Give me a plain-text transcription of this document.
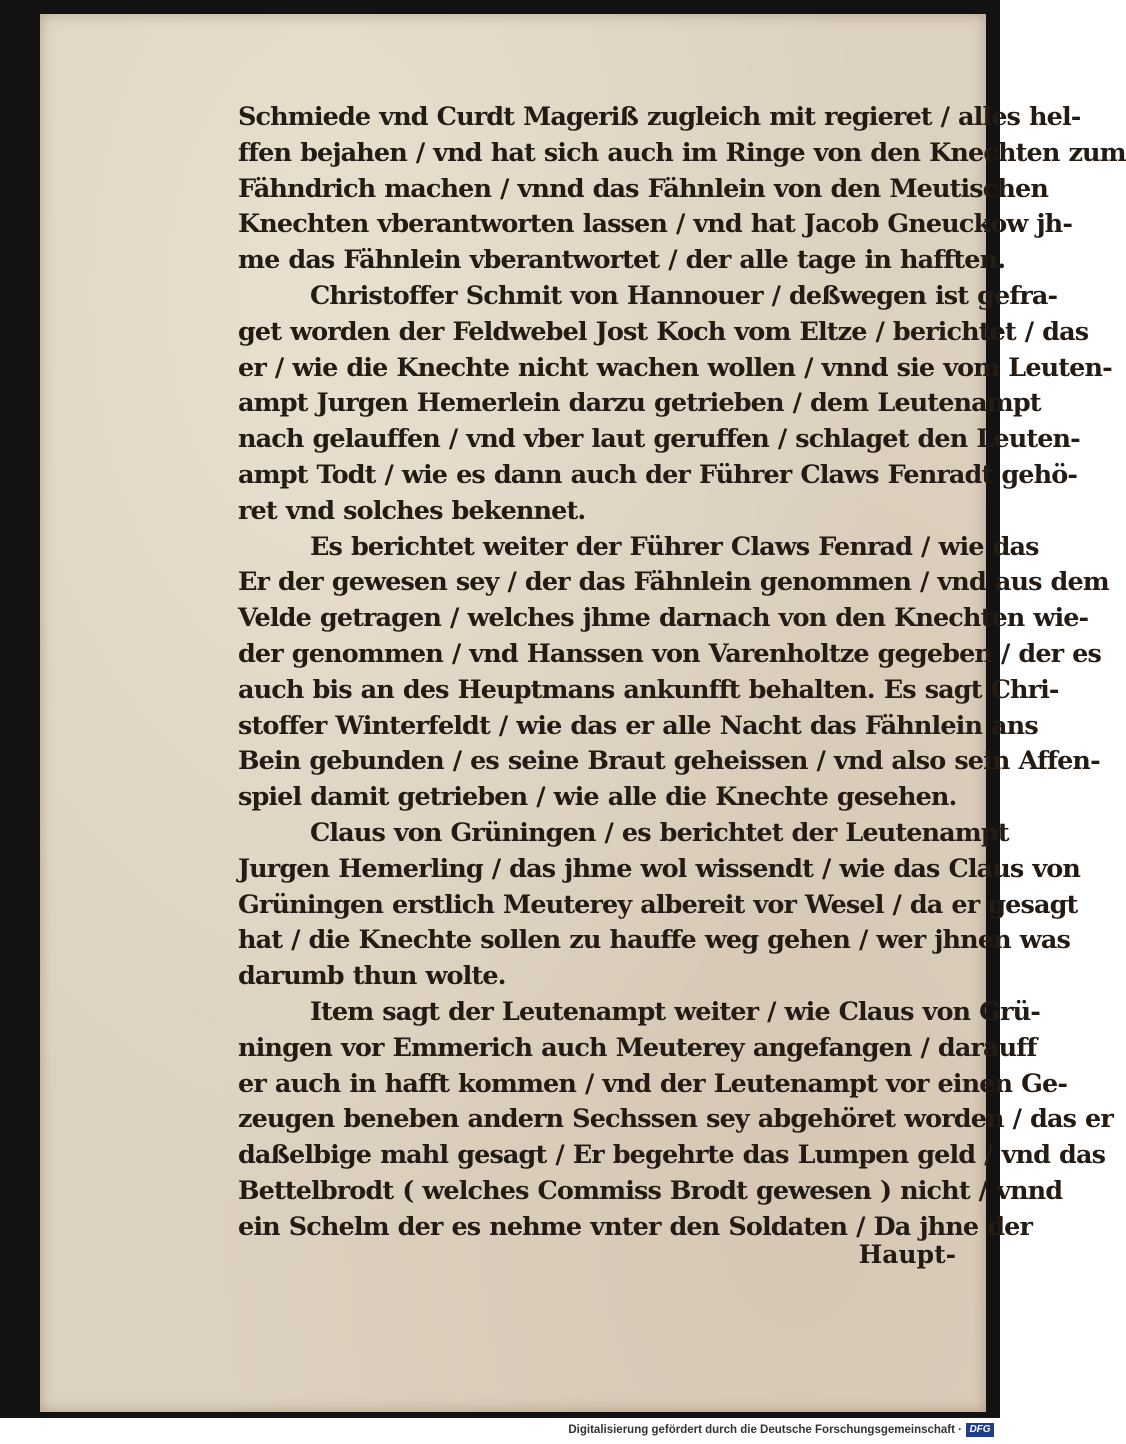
Schmiede vnd Curdt Mageriß zugleich mit regieret / alles hel-
ffen bejahen / vnd hat sich auch im Ringe von den Knechten zum
Fähndrich machen / vnnd das Fähnlein von den Meutischen
Knechten vberantworten lassen / vnd hat Jacob Gneuckow jh-
me das Fähnlein vberantwortet / der alle tage in hafften.
Christoffer Schmit von Hannouer / deßwegen ist gefra-
get worden der Feldwebel Jost Koch vom Eltze / berichtet / das
er / wie die Knechte nicht wachen wollen / vnnd sie vom Leuten-
ampt Jurgen Hemerlein darzu getrieben / dem Leutenampt
nach gelauffen / vnd vber laut geruffen / schlaget den Leuten-
ampt Todt / wie es dann auch der Führer Claws Fenradt gehö-
ret vnd solches bekennet.
Es berichtet weiter der Führer Claws Fenrad / wie das
Er der gewesen sey / der das Fähnlein genommen / vnd aus dem
Velde getragen / welches jhme darnach von den Knechten wie-
der genommen / vnd Hanssen von Varenholtze gegeben / der es
auch bis an des Heuptmans ankunfft behalten. Es sagt Chri-
stoffer Winterfeldt / wie das er alle Nacht das Fähnlein ans
Bein gebunden / es seine Braut geheissen / vnd also sein Affen-
spiel damit getrieben / wie alle die Knechte gesehen.
Claus von Grüningen / es berichtet der Leutenampt
Jurgen Hemerling / das jhme wol wissendt / wie das Claus von
Grüningen erstlich Meuterey albereit vor Wesel / da er gesagt
hat / die Knechte sollen zu hauffe weg gehen / wer jhnen was
darumb thun wolte.
Item sagt der Leutenampt weiter / wie Claus von Grü-
ningen vor Emmerich auch Meuterey angefangen / darauff
er auch in hafft kommen / vnd der Leutenampt vor einen Ge-
zeugen beneben andern Sechssen sey abgehöret worden / das er
daßelbige mahl gesagt / Er begehrte das Lumpen geld / vnd das
Bettelbrodt ( welches Commiss Brodt gewesen ) nicht / vnnd
ein Schelm der es nehme vnter den Soldaten / Da jhne der
Haupt-
Digitalisierung gefördert durch die Deutsche Forschungsgemeinschaft · DFG
